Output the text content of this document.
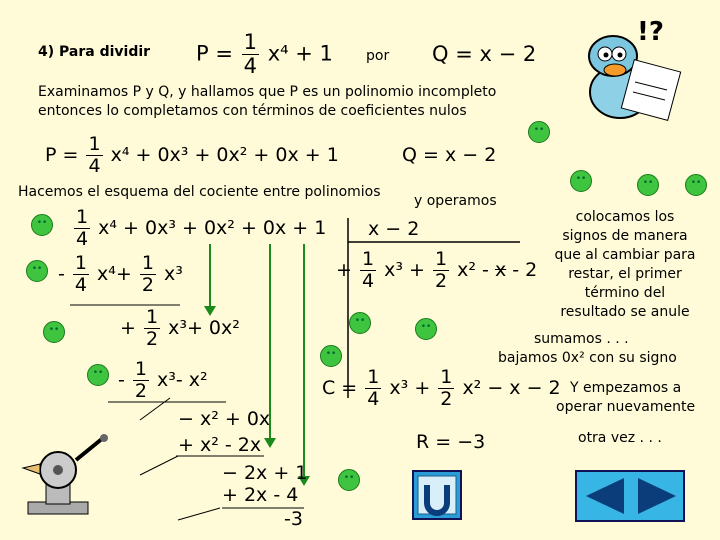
4) Para dividir $P = \frac{1}{4} x^4 + 1$ por Q = x − 2
!?
Examinamos P y Q, y hallamos que P es un polinomio incompleto
entonces lo completamos con términos de coeficientes nulos
$P = \frac{1}{4} x^4 + 0x^3 + 0x^2 + 0x + 1$	Q = x − 2
Hacemos el esquema del cociente entre polinomios
y operamos
$\frac{1}{4} x^4 + 0x^3 + 0x^2 + 0x + 1$ x − 2
- $\frac{1}{4} x^4+ \frac{1}{2} x^3$	+ $\frac{1}{4} x^3 + \frac{1}{2} x^2 - x - 2$
+ $\frac{1}{2} x^3+ 0x^2$
- $\frac{1}{2} x^3-$ x²
− x² + 0x
+ x² - 2x
− 2x + 1
+ 2x - 4
-3
$C = \frac{1}{4} x^3 + \frac{1}{2} x^2 - x - 2$
R = −3
colocamos los
signos de manera
que al cambiar para
restar, el primer
término del
resultado se anule
sumamos . . .
bajamos 0x² con su signo
Y empezamos a
operar nuevamente
otra vez . . .
••
••	••	••
••
••
••
••
••
••
••
••
